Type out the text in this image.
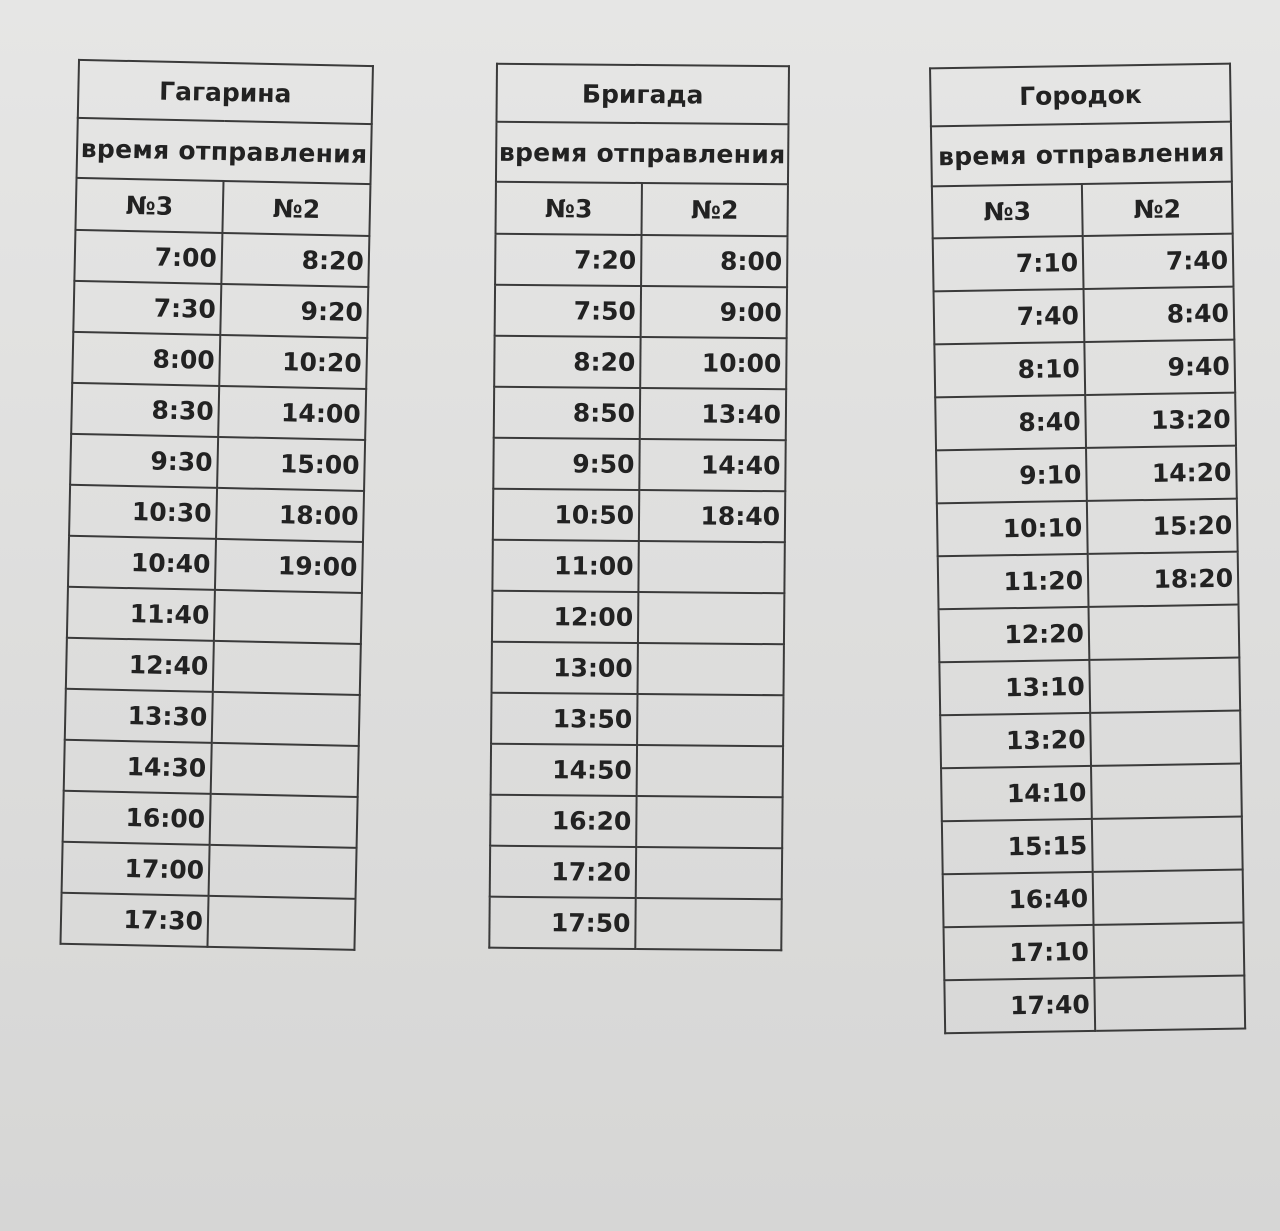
Гагарина	
время отправления	
№3	№2
7:00	8:20
7:30	9:20
8:00	10:20
8:30	14:00
9:30	15:00
10:30	18:00
10:40	19:00
11:40	
12:40	
13:30	
14:30	
16:00	
17:00	
17:30	
Бригада	
время отправления	
№3	№2
7:20	8:00
7:50	9:00
8:20	10:00
8:50	13:40
9:50	14:40
10:50	18:40
11:00	
12:00	
13:00	
13:50	
14:50	
16:20	
17:20	
17:50	
Городок	
время отправления	
№3	№2
7:10	7:40
7:40	8:40
8:10	9:40
8:40	13:20
9:10	14:20
10:10	15:20
11:20	18:20
12:20	
13:10	
13:20	
14:10	
15:15	
16:40	
17:10	
17:40	
